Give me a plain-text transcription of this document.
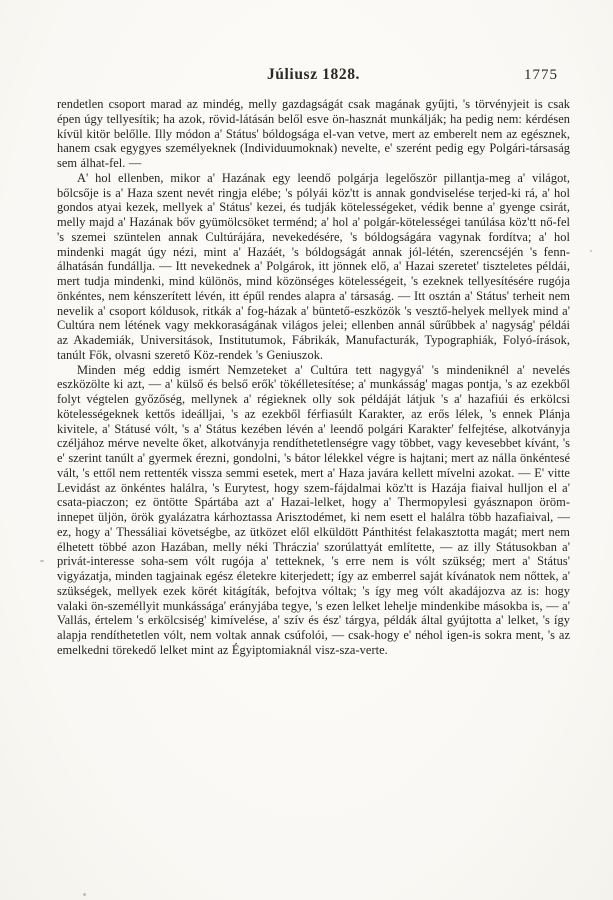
Júliusz 1828.	1775

rendetlen csoport marad az mindég, melly gazdagságát csak magának gyűjti, 's törvényjeit is csak épen úgy tellyesítik; ha azok, rövid-látásán belől esve ön-hasznát munkálják; ha pedig nem: kérdésen kívül kitör belőlle. Illy módon a' Státus' bóldogsága el-van vetve, mert az emberelt nem az egésznek, hanem csak egygyes személyeknek (Individuumoknak) nevelte, e' szerént pedig egy Polgári-társaság sem álhat-fel. —

A' hol ellenben, mikor a' Hazának egy leendő polgárja legelőször pillantja-meg a' világot, bőlcsője is a' Haza szent nevét ringja elébe; 's pólyái köz'tt is annak gondviselése terjed-ki rá, a' hol gondos atyai kezek, mellyek a' Státus' kezei, és tudják kötelességeket, védik benne a' gyenge csirát, melly majd a' Hazának bőv gyümölcsöket terménd; a' hol a' polgár-kötelességei tanúlása köz'tt nő-fel 's szemei szüntelen annak Cultúrájára, nevekedésére, 's bóldogságára vagynak fordítva; a' hol mindenki magát úgy nézi, mint a' Hazáét, 's bóldogságát annak jól-létén, szerencséjén 's fenn-álhatásán fundállja. — Itt nevekednek a' Polgárok, itt jönnek elő, a' Hazai szeretet' tiszteletes példái, mert tudja mindenki, mind különös, mind közönséges kötelességeit, 's ezeknek tellyesítésére rugója önkéntes, nem kénszerített lévén, itt épűl rendes alapra a' társaság. — Itt osztán a' Státus' terheit nem nevelik a' csoport kóldusok, ritkák a' fog-házak a' büntető-eszközök 's vesztő-helyek mellyek mind a' Cultúra nem létének vagy mekkoraságának világos jelei; ellenben annál sűrűbbek a' nagyság' példái az Akademiák, Universitások, Institutumok, Fábrikák, Manufacturák, Typographiák, Folyó-írások, tanúlt Fők, olvasni szerető Köz-rendek 's Geniuszok.

Minden még eddig ismért Nemzeteket a' Cultúra tett nagygyá' 's mindeniknél a' nevelés eszközölte ki azt, — a' külső és belső erők' tökélletesítése; a' munkásság' magas pontja, 's az ezekből folyt végtelen győzőség, mellynek a' régieknek olly sok példáját látjuk 's a' hazafiúi és erkölcsi kötelességeknek kettős ideálljai, 's az ezekből férfiasúlt Karakter, az erős lélek, 's ennek Plánja kivitele, a' Státusé vólt, 's a' Státus kezében lévén a' leendő polgári Karakter' felfejtése, alkotványja czéljához mérve nevelte őket, alkotványja rendíthetetlenségre vagy többet, vagy kevesebbet kívánt, 's e' szerint tanúlt a' gyermek érezni, gondolni, 's bátor lélekkel végre is hajtani; mert az nálla önkéntesé vált, 's ettől nem rettenték vissza semmi esetek, mert a' Haza javára kellett mívelni azokat. — E' vitte Levidást az önkéntes halálra, 's Eurytest, hogy szem-fájdalmai köz'tt is Hazája fiaival hulljon el a' csata-piaczon; ez öntötte Spártába azt a' Hazai-lelket, hogy a' Thermopylesi gyásznapon öröm-innepet üljön, örök gyalázatra kárhoztassa Arisztodémet, ki nem esett el halálra több hazafiaival, — ez, hogy a' Thessáliai követségbe, az ütközet elől elküldött Pánthitést felakasztotta magát; mert nem élhetett többé azon Hazában, melly néki Thráczia' szorúlattyát említette, — az illy Státusokban a' privát-interesse soha-sem vólt rugója a' tetteknek, 's erre nem is vólt szükség; mert a' Státus' vigyázatja, minden tagjainak egész életekre kiterjedett; így az emberrel saját kívánatok nem nőttek, a' szükségek, mellyek ezek körét kitágíták, befojtva vóltak; 's így meg vólt akadájozva az is: hogy valaki ön-személlyit munkássága' erányjába tegye, 's ezen lelket lehelje mindenkibe másokba is, — a' Vallás, értelem 's erkölcsiség' kimívelése, a' szív és ész' tárgya, példák által gyújtotta a' lelket, 's így alapja rendíthetetlen vólt, nem voltak annak csúfolói, — csak-hogy e' néhol igen-is sokra ment, 's az emelkedni törekedő lelket mint az Égyiptomiaknál visz-sza-verte.
